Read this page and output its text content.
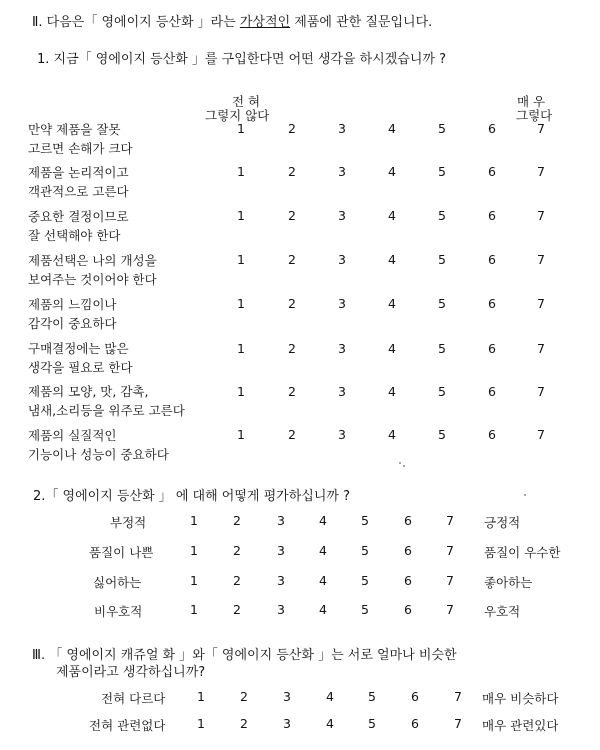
Ⅱ. 다음은「 영에이지 등산화 」라는 가상적인 제품에 관한 질문입니다.
1. 지금「 영에이지 등산화 」를 구입한다면 어떤 생각을 하시겠습니까 ?
전 혀
그렇지 않다
매 우
그렇다
만약 제품을 잘못
고르면 손해가 크다
1	2	3	4	5	6	7
제품을 논리적이고
객관적으로 고른다
1	2	3	4	5	6	7
중요한 결정이므로
잘 선택해야 한다
1	2	3	4	5	6	7
제품선택은 나의 개성을
보여주는 것이어야 한다
1	2	3	4	5	6	7
제품의 느낌이나
감각이 중요하다
1	2	3	4	5	6	7
구매결정에는 많은
생각을 필요로 한다
1	2	3	4	5	6	7
제품의 모양, 맛, 감촉,
냄새,소리등을 위주로 고른다
1	2	3	4	5	6	7
제품의 실질적인
기능이나 성능이 중요하다
1	2	3	4	5	6	7
2.「 영에이지 등산화 」 에 대해 어떻게 평가하십니까 ?
부정적	1	2	3	4	5	6	7	긍정적
품질이 나쁜	1	2	3	4	5	6	7	품질이 우수한
싫어하는	1	2	3	4	5	6	7	좋아하는
비우호적	1	2	3	4	5	6	7	우호적
Ⅲ. 「 영에이지 캐쥬얼 화 」와「 영에이지 등산화 」는 서로 얼마나 비슷한
제품이라고 생각하십니까?
전혀 다르다	1	2	3	4	5	6	7	매우 비슷하다
전혀 관련없다	1	2	3	4	5	6	7	매우 관련있다
